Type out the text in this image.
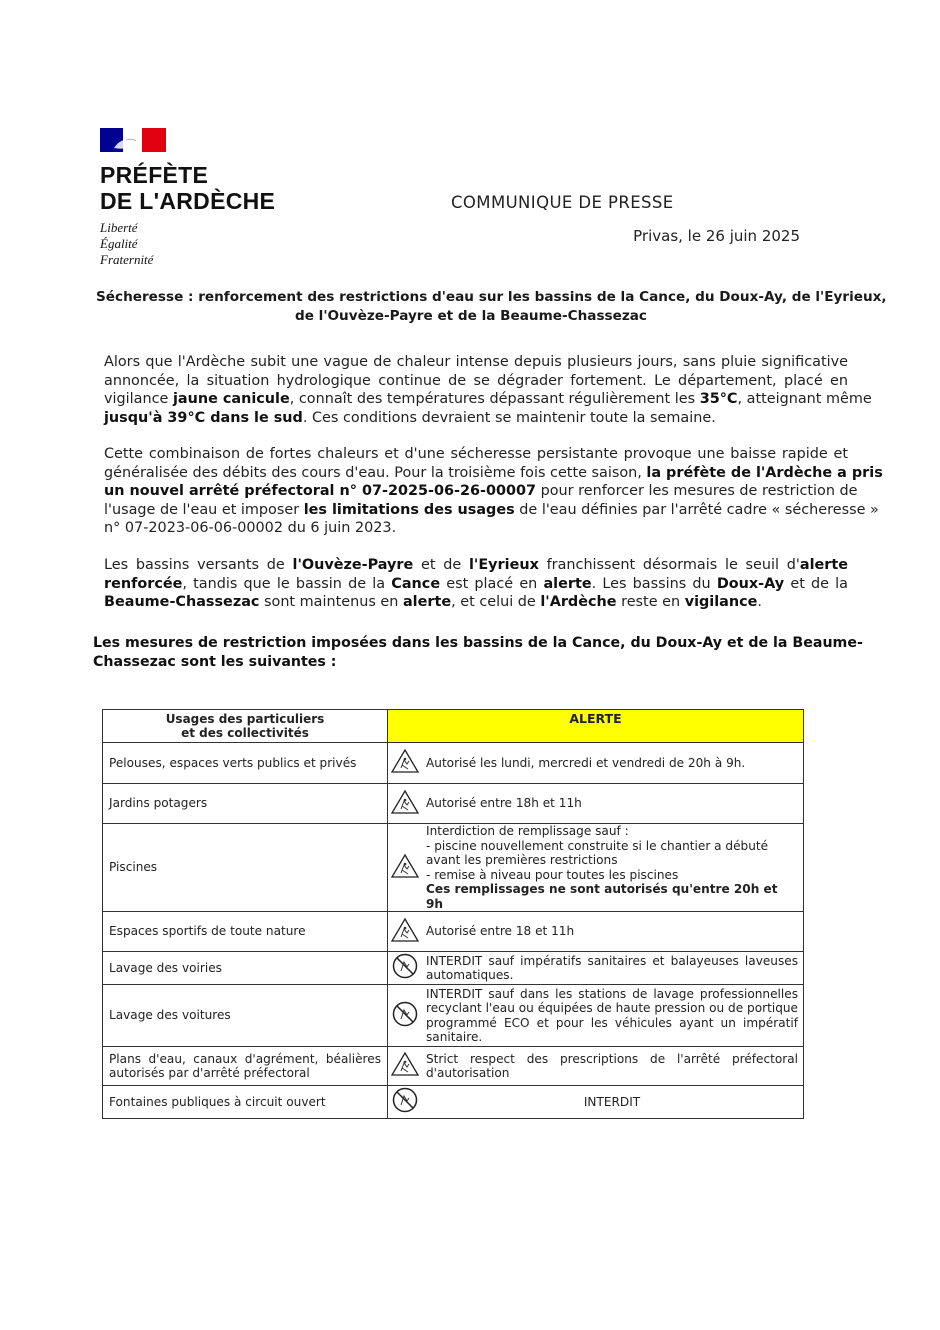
PRÉFÈTE
DE L'ARDÈCHE
Liberté
Égalité
Fraternité
COMMUNIQUE DE PRESSE
Privas, le 26 juin 2025
Sécheresse : renforcement des restrictions d'eau sur les bassins de la Cance, du Doux-Ay, de l'Eyrieux,
de l'Ouvèze-Payre et de la Beaume-Chassezac
Alors que l'Ardèche subit une vague de chaleur intense depuis plusieurs jours, sans pluie significative
annoncée, la situation hydrologique continue de se dégrader fortement. Le département, placé en
vigilance jaune canicule, connaît des températures dépassant régulièrement les 35°C, atteignant même
jusqu'à 39°C dans le sud. Ces conditions devraient se maintenir toute la semaine.
Cette combinaison de fortes chaleurs et d'une sécheresse persistante provoque une baisse rapide et
généralisée des débits des cours d'eau. Pour la troisième fois cette saison, la préfète de l'Ardèche a pris
un nouvel arrêté préfectoral n° 07-2025-06-26-00007 pour renforcer les mesures de restriction de
l'usage de l'eau et imposer les limitations des usages de l'eau définies par l'arrêté cadre « sécheresse »
n° 07-2023-06-06-00002 du 6 juin 2023.
Les bassins versants de l'Ouvèze-Payre et de l'Eyrieux franchissent désormais le seuil d'alerte
renforcée, tandis que le bassin de la Cance est placé en alerte. Les bassins du Doux-Ay et de la
Beaume-Chassezac sont maintenus en alerte, et celui de l'Ardèche reste en vigilance.
Les mesures de restriction imposées dans les bassins de la Cance, du Doux-Ay et de la Beaume-
Chassezac sont les suivantes :
Usages des particuliers
et des collectivités	ALERTE	
Pelouses, espaces verts publics et privés		Autorisé les lundi, mercredi et vendredi de 20h à 9h.
Jardins potagers		Autorisé entre 18h et 11h
Piscines		Interdiction de remplissage sauf :
- piscine nouvellement construite si le chantier a débuté avant les premières restrictions
- remise à niveau pour toutes les piscines
Ces remplissages ne sont autorisés qu'entre 20h et 9h

Espaces sportifs de toute nature		Autorisé entre 18 et 11h
Lavage des voiries		INTERDIT sauf impératifs sanitaires et balayeuses laveuses automatiques.
Lavage des voitures		INTERDIT sauf dans les stations de lavage professionnelles recyclant l'eau ou équipées de haute pression ou de portique programmé ECO et pour les véhicules ayant un impératif sanitaire.
Plans d'eau, canaux d'agrément, béalières autorisés par d'arrêté préfectoral		Strict respect des prescriptions de l'arrêté préfectoral d'autorisation
Fontaines publiques à circuit ouvert		INTERDIT
